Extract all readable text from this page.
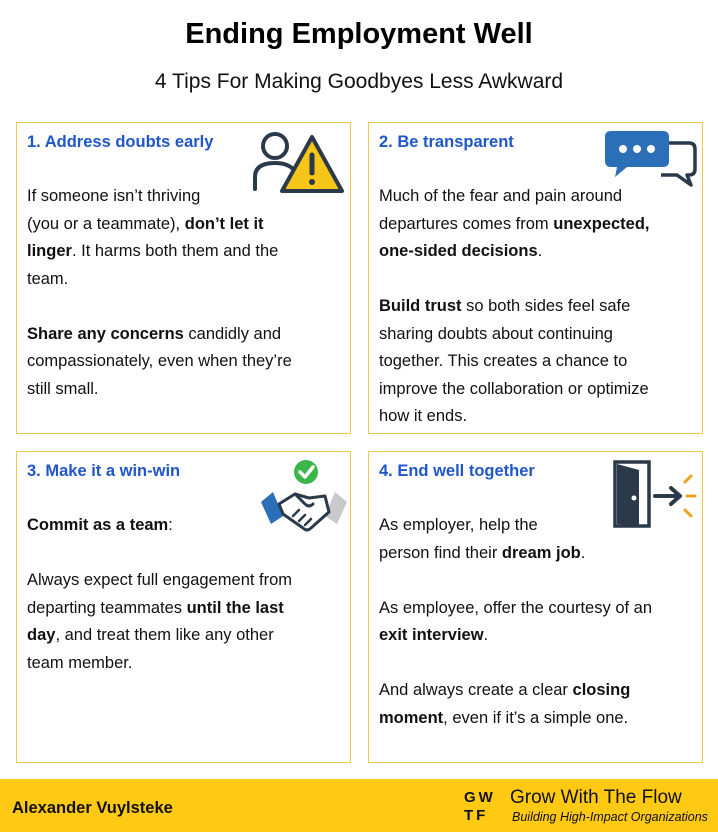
Ending Employment Well
4 Tips For Making Goodbyes Less Awkward
1. Address doubts early

If someone isn’t thriving
(you or a teammate), don’t let it
linger. It harms both them and the
team.

Share any concerns candidly and
compassionately, even when they’re
still small.

2. Be transparent

Much of the fear and pain around
departures comes from unexpected,
one-sided decisions.

Build trust so both sides feel safe
sharing doubts about continuing
together. This creates a chance to
improve the collaboration or optimize
how it ends.

3. Make it a win-win

Commit as a team:

Always expect full engagement from
departing teammates until the last
day, and treat them like any other
team member.

4. End well together

As employer, help the
person find their dream job.

As employee, offer the courtesy of an
exit interview.

And always create a clear closing
moment, even if it’s a simple one.

Alexander Vuylsteke
GW
TF
Grow With The Flow
Building High-Impact Organizations
